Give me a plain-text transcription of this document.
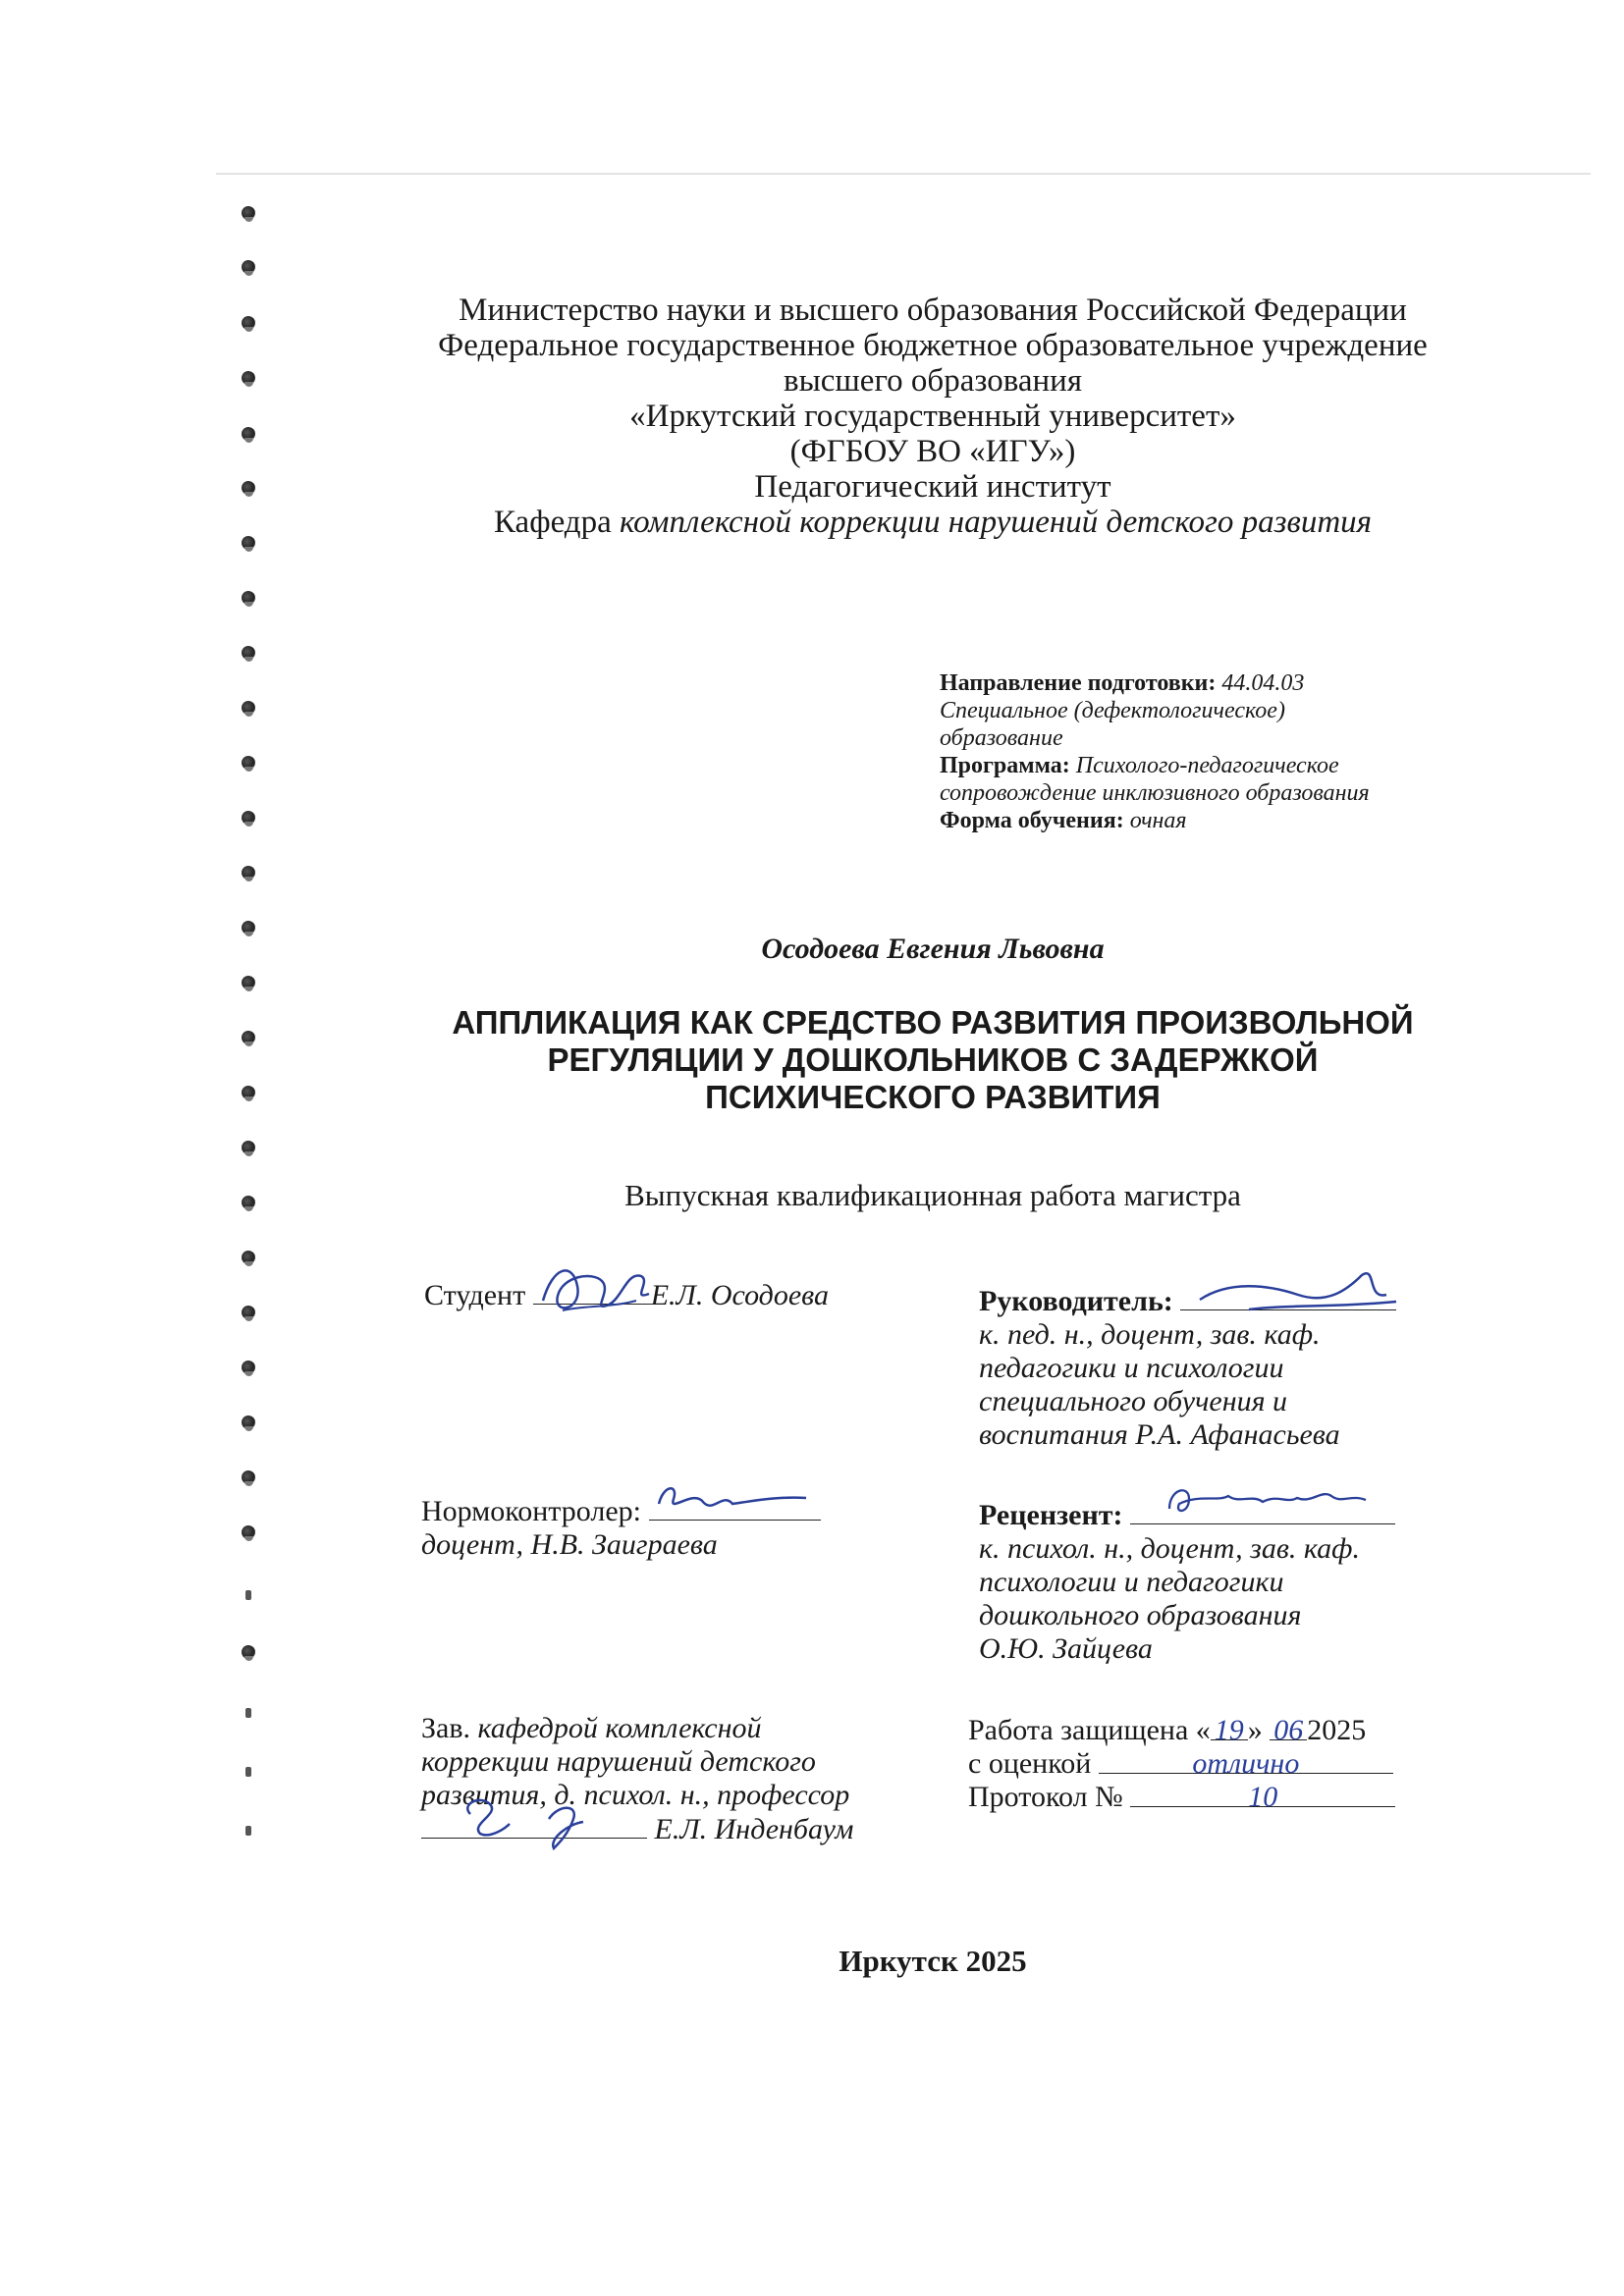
Министерство науки и высшего образования Российской Федерации
Федеральное государственное бюджетное образовательное учреждение
высшего образования
«Иркутский государственный университет»
(ФГБОУ ВО «ИГУ»)
Педагогический институт
Кафедра комплексной коррекции нарушений детского развития
Направление подготовки: 44.04.03
Специальное (дефектологическое)
образование
Программа: Психолого-педагогическое
сопровождение инклюзивного образования
Форма обучения: очная
Осодоева Евгения Львовна
АППЛИКАЦИЯ КАК СРЕДСТВО РАЗВИТИЯ ПРОИЗВОЛЬНОЙ
РЕГУЛЯЦИИ У ДОШКОЛЬНИКОВ С ЗАДЕРЖКОЙ
ПСИХИЧЕСКОГО РАЗВИТИЯ
Выпускная квалификационная работа магистра
Студент	Е.Л. Осодоева	Руководитель:
к. пед. н., доцент, зав. каф.
педагогики и психологии
специального обучения и
воспитания Р.А. Афанасьева
Нормоконтролер:
доцент, Н.В. Заиграева
Рецензент:
к. психол. н., доцент, зав. каф.
психологии и педагогики
дошкольного образования
О.Ю. Зайцева
Зав. кафедрой комплексной
коррекции нарушений детского
развития, д. психол. н., профессор
Е.Л. Инденбаум
Работа защищена « 19 » 06 2025
с оценкой	отлично
Протокол №	10
Иркутск 2025
